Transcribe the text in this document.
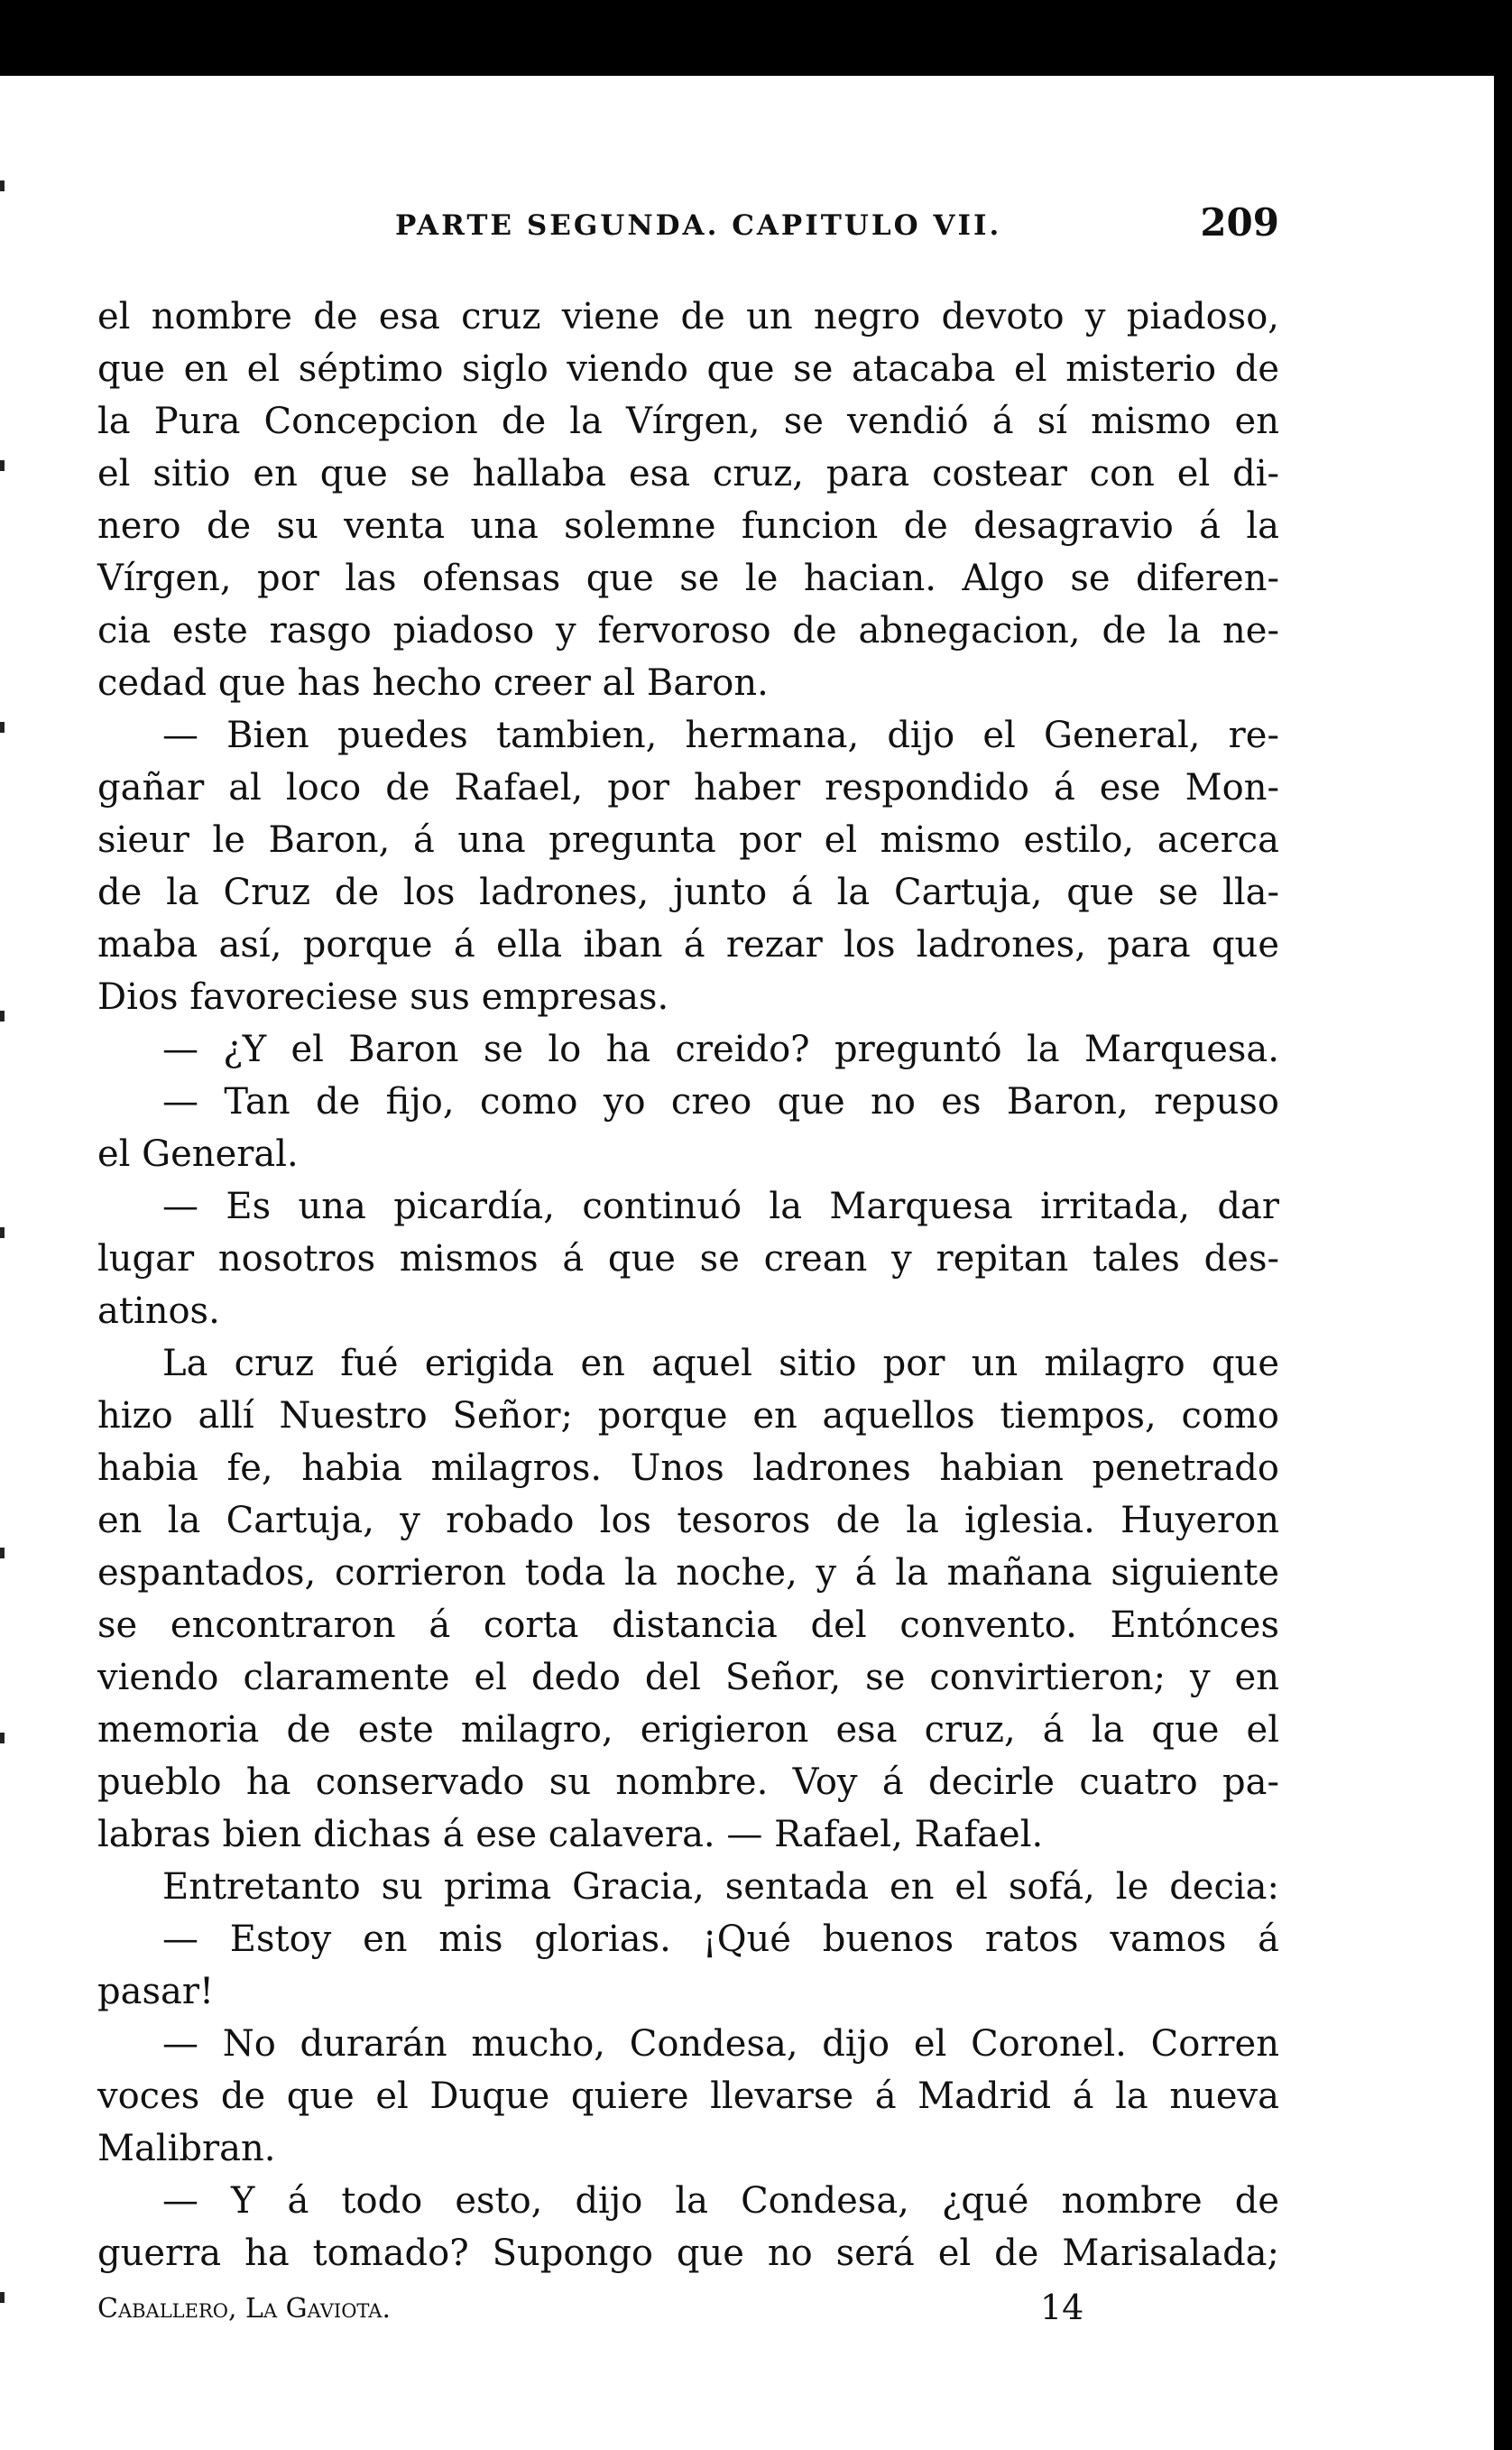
PARTE SEGUNDA. CAPITULO VII.	209
el nombre de esa cruz viene de un negro devoto y piadoso,
que en el séptimo siglo viendo que se atacaba el misterio de
la Pura Concepcion de la Vírgen, se vendió á sí mismo en
el sitio en que se hallaba esa cruz, para costear con el di-
nero de su venta una solemne funcion de desagravio á la
Vírgen, por las ofensas que se le hacian. Algo se diferen-
cia este rasgo piadoso y fervoroso de abnegacion, de la ne-
cedad que has hecho creer al Baron.
— Bien puedes tambien, hermana, dijo el General, re-
gañar al loco de Rafael, por haber respondido á ese Mon-
sieur le Baron, á una pregunta por el mismo estilo, acerca
de la Cruz de los ladrones, junto á la Cartuja, que se lla-
maba así, porque á ella iban á rezar los ladrones, para que
Dios favoreciese sus empresas.
— ¿Y el Baron se lo ha creido? preguntó la Marquesa.
— Tan de fijo, como yo creo que no es Baron, repuso
el General.
— Es una picardía, continuó la Marquesa irritada, dar
lugar nosotros mismos á que se crean y repitan tales des-
atinos.
La cruz fué erigida en aquel sitio por un milagro que
hizo allí Nuestro Señor; porque en aquellos tiempos, como
habia fe, habia milagros. Unos ladrones habian penetrado
en la Cartuja, y robado los tesoros de la iglesia. Huyeron
espantados, corrieron toda la noche, y á la mañana siguiente
se encontraron á corta distancia del convento. Entónces
viendo claramente el dedo del Señor, se convirtieron; y en
memoria de este milagro, erigieron esa cruz, á la que el
pueblo ha conservado su nombre. Voy á decirle cuatro pa-
labras bien dichas á ese calavera. — Rafael, Rafael.
Entretanto su prima Gracia, sentada en el sofá, le decia:
— Estoy en mis glorias. ¡Qué buenos ratos vamos á
pasar!
— No durarán mucho, Condesa, dijo el Coronel. Corren
voces de que el Duque quiere llevarse á Madrid á la nueva
Malibran.
— Y á todo esto, dijo la Condesa, ¿qué nombre de
guerra ha tomado? Supongo que no será el de Marisalada;
Caballero, La Gaviota.	14
